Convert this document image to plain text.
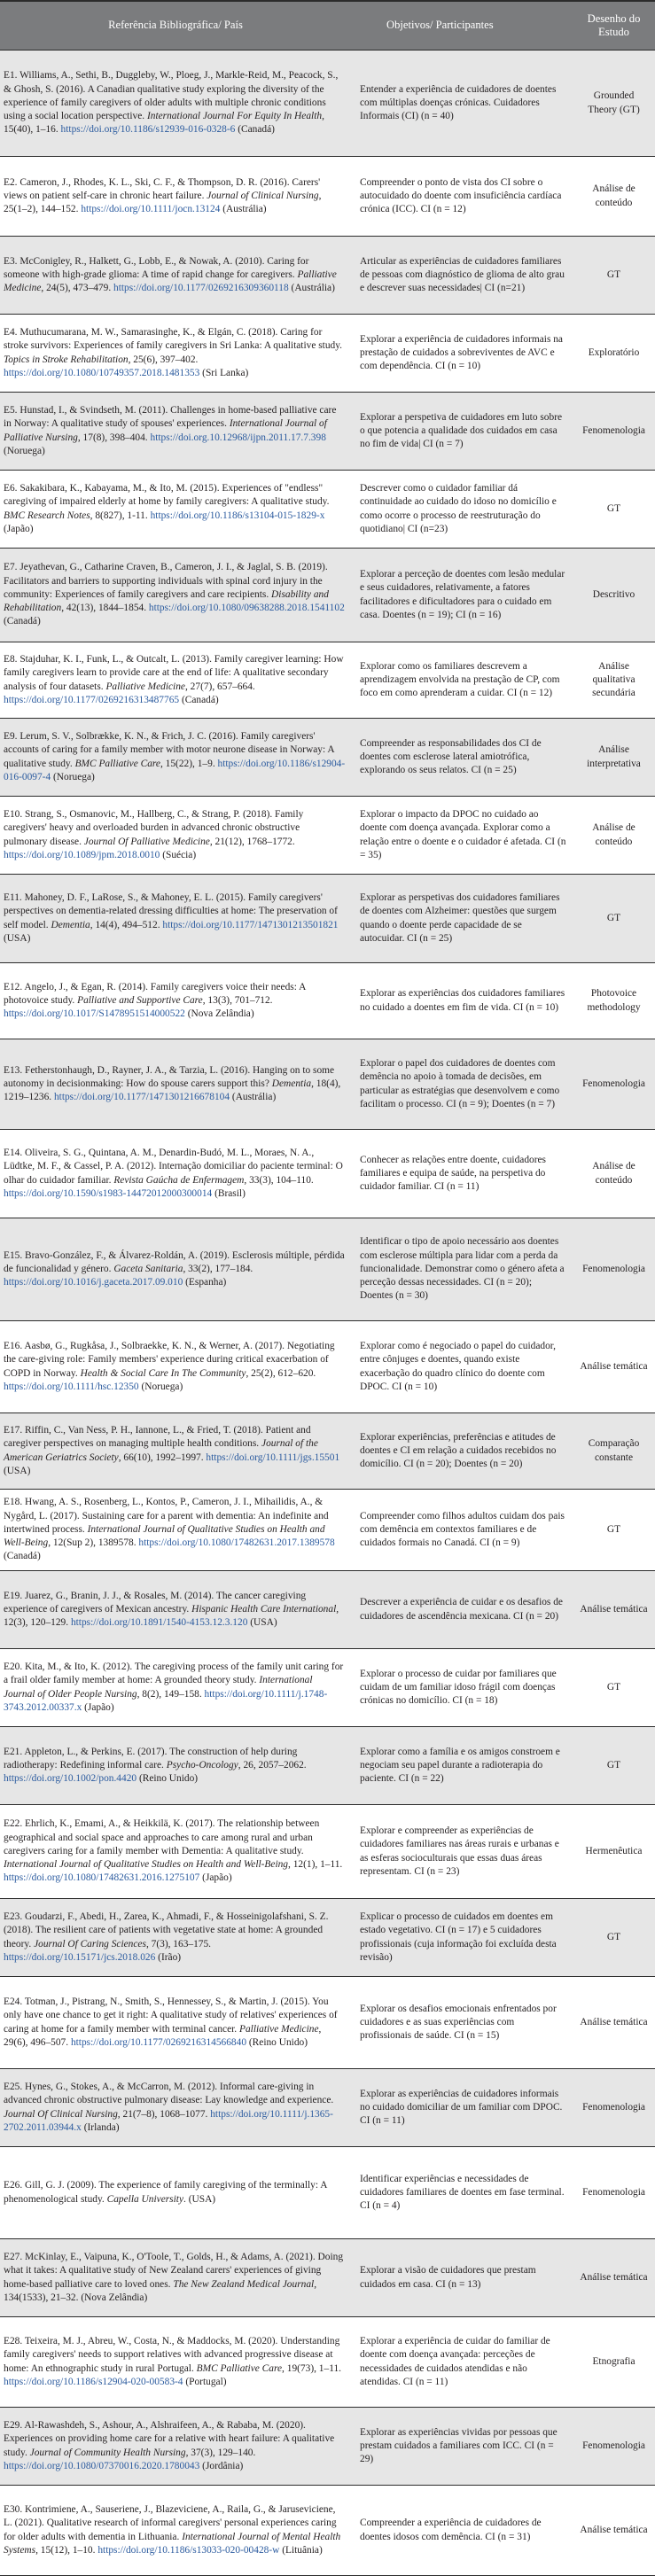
Referência Bibliográfica/ País	Objetivos/ Participantes	Desenho do Estudo
E1. Williams, A., Sethi, B., Duggleby, W., Ploeg, J., Markle-Reid, M., Peacock, S., & Ghosh, S. (2016). A Canadian qualitative study exploring the diversity of the experience of family caregivers of older adults with multiple chronic conditions using a social location perspective. International Journal For Equity In Health, 15(40), 1–16. https://doi.org/10.1186/s12939-016-0328-6 (Canadá)	Entender a experiência de cuidadores de doentes com múltiplas doenças crónicas. Cuidadores Informais (CI) (n = 40)	Grounded Theory (GT)
E2. Cameron, J., Rhodes, K. L., Ski, C. F., & Thompson, D. R. (2016). Carers' views on patient self-care in chronic heart failure. Journal of Clinical Nursing, 25(1–2), 144–152. https://doi.org/10.1111/jocn.13124 (Austrália)	Compreender o ponto de vista dos CI sobre o autocuidado do doente com insuficiência cardíaca crónica (ICC). CI (n = 12)	Análise de conteúdo
E3. McConigley, R., Halkett, G., Lobb, E., & Nowak, A. (2010). Caring for someone with high-grade glioma: A time of rapid change for caregivers. Palliative Medicine, 24(5), 473–479. https://doi.org/10.1177/0269216309360118 (Austrália)	Articular as experiências de cuidadores familiares de pessoas com diagnóstico de glioma de alto grau e descrever suas necessidades| CI (n=21)	GT
E4. Muthucumarana, M. W., Samarasinghe, K., & Elgán, C. (2018). Caring for stroke survivors: Experiences of family caregivers in Sri Lanka: A qualitative study. Topics in Stroke Rehabilitation, 25(6), 397–402. https://doi.org/10.1080/10749357.2018.1481353 (Sri Lanka)	Explorar a experiência de cuidadores informais na prestação de cuidados a sobreviventes de AVC e com dependência. CI (n = 10)	Exploratório
E5. Hunstad, I., & Svindseth, M. (2011). Challenges in home-based palliative care in Norway: A qualitative study of spouses' experiences. International Journal of Palliative Nursing, 17(8), 398–404. https://doi.org.10.12968/ijpn.2011.17.7.398 (Noruega)	Explorar a perspetiva de cuidadores em luto sobre o que potencia a qualidade dos cuidados em casa no fim de vida| CI (n = 7)	Fenomenologia
E6. Sakakibara, K., Kabayama, M., & Ito, M. (2015). Experiences of "endless" caregiving of impaired elderly at home by family caregivers: A qualitative study. BMC Research Notes, 8(827), 1-11. https://doi.org/10.1186/s13104-015-1829-x (Japão)	Descrever como o cuidador familiar dá continuidade ao cuidado do idoso no domicílio e como ocorre o processo de reestruturação do quotidiano| CI (n=23)	GT
E7. Jeyathevan, G., Catharine Craven, B., Cameron, J. I., & Jaglal, S. B. (2019). Facilitators and barriers to supporting individuals with spinal cord injury in the community: Experiences of family caregivers and care recipients. Disability and Rehabilitation, 42(13), 1844–1854. https://doi.org/10.1080/09638288.2018.1541102 (Canadá)	Explorar a perceção de doentes com lesão medular e seus cuidadores, relativamente, a fatores facilitadores e dificultadores para o cuidado em casa. Doentes (n = 19); CI (n = 16)	Descritivo
E8. Stajduhar, K. I., Funk, L., & Outcalt, L. (2013). Family caregiver learning: How family caregivers learn to provide care at the end of life: A qualitative secondary analysis of four datasets. Palliative Medicine, 27(7), 657–664. https://doi.org/10.1177/0269216313487765 (Canadá)	Explorar como os familiares descrevem a aprendizagem envolvida na prestação de CP, com foco em como aprenderam a cuidar. CI (n = 12)	Análise qualitativa secundária
E9. Lerum, S. V., Solbrække, K. N., & Frich, J. C. (2016). Family caregivers' accounts of caring for a family member with motor neurone disease in Norway: A qualitative study. BMC Palliative Care, 15(22), 1–9. https://doi.org/10.1186/s12904-016-0097-4 (Noruega)	Compreender as responsabilidades dos CI de doentes com esclerose lateral amiotrófica, explorando os seus relatos. CI (n = 25)	Análise interpretativa
E10. Strang, S., Osmanovic, M., Hallberg, C., & Strang, P. (2018). Family caregivers' heavy and overloaded burden in advanced chronic obstructive pulmonary disease. Journal Of Palliative Medicine, 21(12), 1768–1772. https://doi.org/10.1089/jpm.2018.0010 (Suécia)	Explorar o impacto da DPOC no cuidado ao doente com doença avançada. Explorar como a relação entre o doente e o cuidador é afetada. CI (n = 35)	Análise de conteúdo
E11. Mahoney, D. F., LaRose, S., & Mahoney, E. L. (2015). Family caregivers' perspectives on dementia-related dressing difficulties at home: The preservation of self model. Dementia, 14(4), 494–512. https://doi.org/10.1177/1471301213501821 (USA)	Explorar as perspetivas dos cuidadores familiares de doentes com Alzheimer: questões que surgem quando o doente perde capacidade de se autocuidar. CI (n = 25)	GT
E12. Angelo, J., & Egan, R. (2014). Family caregivers voice their needs: A photovoice study. Palliative and Supportive Care, 13(3), 701–712. https://doi.org/10.1017/S1478951514000522 (Nova Zelândia)	Explorar as experiências dos cuidadores familiares no cuidado a doentes em fim de vida. CI (n = 10)	Photovoice methodology
E13. Fetherstonhaugh, D., Rayner, J. A., & Tarzia, L. (2016). Hanging on to some autonomy in decisionmaking: How do spouse carers support this? Dementia, 18(4), 1219–1236. https://doi.org/10.1177/1471301216678104 (Austrália)	Explorar o papel dos cuidadores de doentes com demência no apoio à tomada de decisões, em particular as estratégias que desenvolvem e como facilitam o processo. CI (n = 9); Doentes (n = 7)	Fenomenologia
E14. Oliveira, S. G., Quintana, A. M., Denardin-Budó, M. L., Moraes, N. A., Lüdtke, M. F., & Cassel, P. A. (2012). Internação domiciliar do paciente terminal: O olhar do cuidador familiar. Revista Gaúcha de Enfermagem, 33(3), 104–110. https://doi.org/10.1590/s1983-14472012000300014 (Brasil)	Conhecer as relações entre doente, cuidadores familiares e equipa de saúde, na perspetiva do cuidador familiar. CI (n = 11)	Análise de conteúdo
E15. Bravo-González, F., & Álvarez-Roldán, A. (2019). Esclerosis múltiple, pérdida de funcionalidad y género. Gaceta Sanitaria, 33(2), 177–184. https://doi.org/10.1016/j.gaceta.2017.09.010 (Espanha)	Identificar o tipo de apoio necessário aos doentes com esclerose múltipla para lidar com a perda da funcionalidade. Demonstrar como o género afeta a perceção dessas necessidades. CI (n = 20); Doentes (n = 30)	Fenomenologia
E16. Aasbø, G., Rugkåsa, J., Solbraekke, K. N., & Werner, A. (2017). Negotiating the care-giving role: Family members' experience during critical exacerbation of COPD in Norway. Health & Social Care In The Community, 25(2), 612–620. https://doi.org/10.1111/hsc.12350 (Noruega)	Explorar como é negociado o papel do cuidador, entre cônjuges e doentes, quando existe exacerbação do quadro clínico do doente com DPOC. CI (n = 10)	Análise temática
E17. Riffin, C., Van Ness, P. H., Iannone, L., & Fried, T. (2018). Patient and caregiver perspectives on managing multiple health conditions. Journal of the American Geriatrics Society, 66(10), 1992–1997. https://doi.org/10.1111/jgs.15501 (USA)	Explorar experiências, preferências e atitudes de doentes e CI em relação a cuidados recebidos no domicílio. CI (n = 20); Doentes (n = 20)	Comparação constante
E18. Hwang, A. S., Rosenberg, L., Kontos, P., Cameron, J. I., Mihailidis, A., & Nygård, L. (2017). Sustaining care for a parent with dementia: An indefinite and intertwined process. International Journal of Qualitative Studies on Health and Well-Being, 12(Sup 2), 1389578. https://doi.org/10.1080/17482631.2017.1389578 (Canadá)	Compreender como filhos adultos cuidam dos pais com demência em contextos familiares e de cuidados formais no Canadá. CI (n = 9)	GT
E19. Juarez, G., Branin, J. J., & Rosales, M. (2014). The cancer caregiving experience of caregivers of Mexican ancestry. Hispanic Health Care International, 12(3), 120–129. https://doi.org/10.1891/1540-4153.12.3.120 (USA)	Descrever a experiência de cuidar e os desafios de cuidadores de ascendência mexicana. CI (n = 20)	Análise temática
E20. Kita, M., & Ito, K. (2012). The caregiving process of the family unit caring for a frail older family member at home: A grounded theory study. International Journal of Older People Nursing, 8(2), 149–158. https://doi.org/10.1111/j.1748-3743.2012.00337.x (Japão)	Explorar o processo de cuidar por familiares que cuidam de um familiar idoso frágil com doenças crónicas no domicílio. CI (n = 18)	GT
E21. Appleton, L., & Perkins, E. (2017). The construction of help during radiotherapy: Redefining informal care. Psycho-Oncology, 26, 2057–2062. https://doi.org/10.1002/pon.4420 (Reino Unido)	Explorar como a família e os amigos constroem e negociam seu papel durante a radioterapia do paciente. CI (n = 22)	GT
E22. Ehrlich, K., Emami, A., & Heikkilä, K. (2017). The relationship between geographical and social space and approaches to care among rural and urban caregivers caring for a family member with Dementia: A qualitative study. International Journal of Qualitative Studies on Health and Well-Being, 12(1), 1–11. https://doi.org/10.1080/17482631.2016.1275107 (Japão)	Explorar e compreender as experiências de cuidadores familiares nas áreas rurais e urbanas e as esferas socioculturais que essas duas áreas representam. CI (n = 23)	Hermenêutica
E23. Goudarzi, F., Abedi, H., Zarea, K., Ahmadi, F., & Hosseinigolafshani, S. Z. (2018). The resilient care of patients with vegetative state at home: A grounded theory. Journal Of Caring Sciences, 7(3), 163–175. https://doi.org/10.15171/jcs.2018.026 (Irão)	Explicar o processo de cuidados em doentes em estado vegetativo. CI (n = 17) e 5 cuidadores profissionais (cuja informação foi excluída desta revisão)	GT
E24. Totman, J., Pistrang, N., Smith, S., Hennessey, S., & Martin, J. (2015). You only have one chance to get it right: A qualitative study of relatives' experiences of caring at home for a family member with terminal cancer. Palliative Medicine, 29(6), 496–507. https://doi.org/10.1177/0269216314566840 (Reino Unido)	Explorar os desafios emocionais enfrentados por cuidadores e as suas experiências com profissionais de saúde. CI (n = 15)	Análise temática
E25. Hynes, G., Stokes, A., & McCarron, M. (2012). Informal care-giving in advanced chronic obstructive pulmonary disease: Lay knowledge and experience. Journal Of Clinical Nursing, 21(7–8), 1068–1077. https://doi.org/10.1111/j.1365-2702.2011.03944.x (Irlanda)	Explorar as experiências de cuidadores informais no cuidado domiciliar de um familiar com DPOC. CI (n = 11)	Fenomenologia
E26. Gill, G. J. (2009). The experience of family caregiving of the terminally: A phenomenological study. Capella University. (USA)	Identificar experiências e necessidades de cuidadores familiares de doentes em fase terminal. CI (n = 4)	Fenomenologia
E27. McKinlay, E., Vaipuna, K., O'Toole, T., Golds, H., & Adams, A. (2021). Doing what it takes: A qualitative study of New Zealand carers' experiences of giving home-based palliative care to loved ones. The New Zealand Medical Journal, 134(1533), 21–32. (Nova Zelândia)	Explorar a visão de cuidadores que prestam cuidados em casa. CI (n = 13)	Análise temática
E28. Teixeira, M. J., Abreu, W., Costa, N., & Maddocks, M. (2020). Understanding family caregivers' needs to support relatives with advanced progressive disease at home: An ethnographic study in rural Portugal. BMC Palliative Care, 19(73), 1–11. https://doi.org/10.1186/s12904-020-00583-4 (Portugal)	Explorar a experiência de cuidar do familiar de doente com doença avançada: perceções de necessidades de cuidados atendidas e não atendidas. CI (n = 11)	Etnografia
E29. Al-Rawashdeh, S., Ashour, A., Alshraifeen, A., & Rababa, M. (2020). Experiences on providing home care for a relative with heart failure: A qualitative study. Journal of Community Health Nursing, 37(3), 129–140. https://doi.org/10.1080/07370016.2020.1780043 (Jordânia)	Explorar as experiências vividas por pessoas que prestam cuidados a familiares com ICC. CI (n = 29)	Fenomenologia
E30. Kontrimiene, A., Sauseriene, J., Blazeviciene, A., Raila, G., & Jaruseviciene, L. (2021). Qualitative research of informal caregivers' personal experiences caring for older adults with dementia in Lithuania. International Journal of Mental Health Systems, 15(12), 1–10. https://doi.org/10.1186/s13033-020-00428-w (Lituânia)	Compreender a experiência de cuidadores de doentes idosos com demência. CI (n = 31)	Análise temática
